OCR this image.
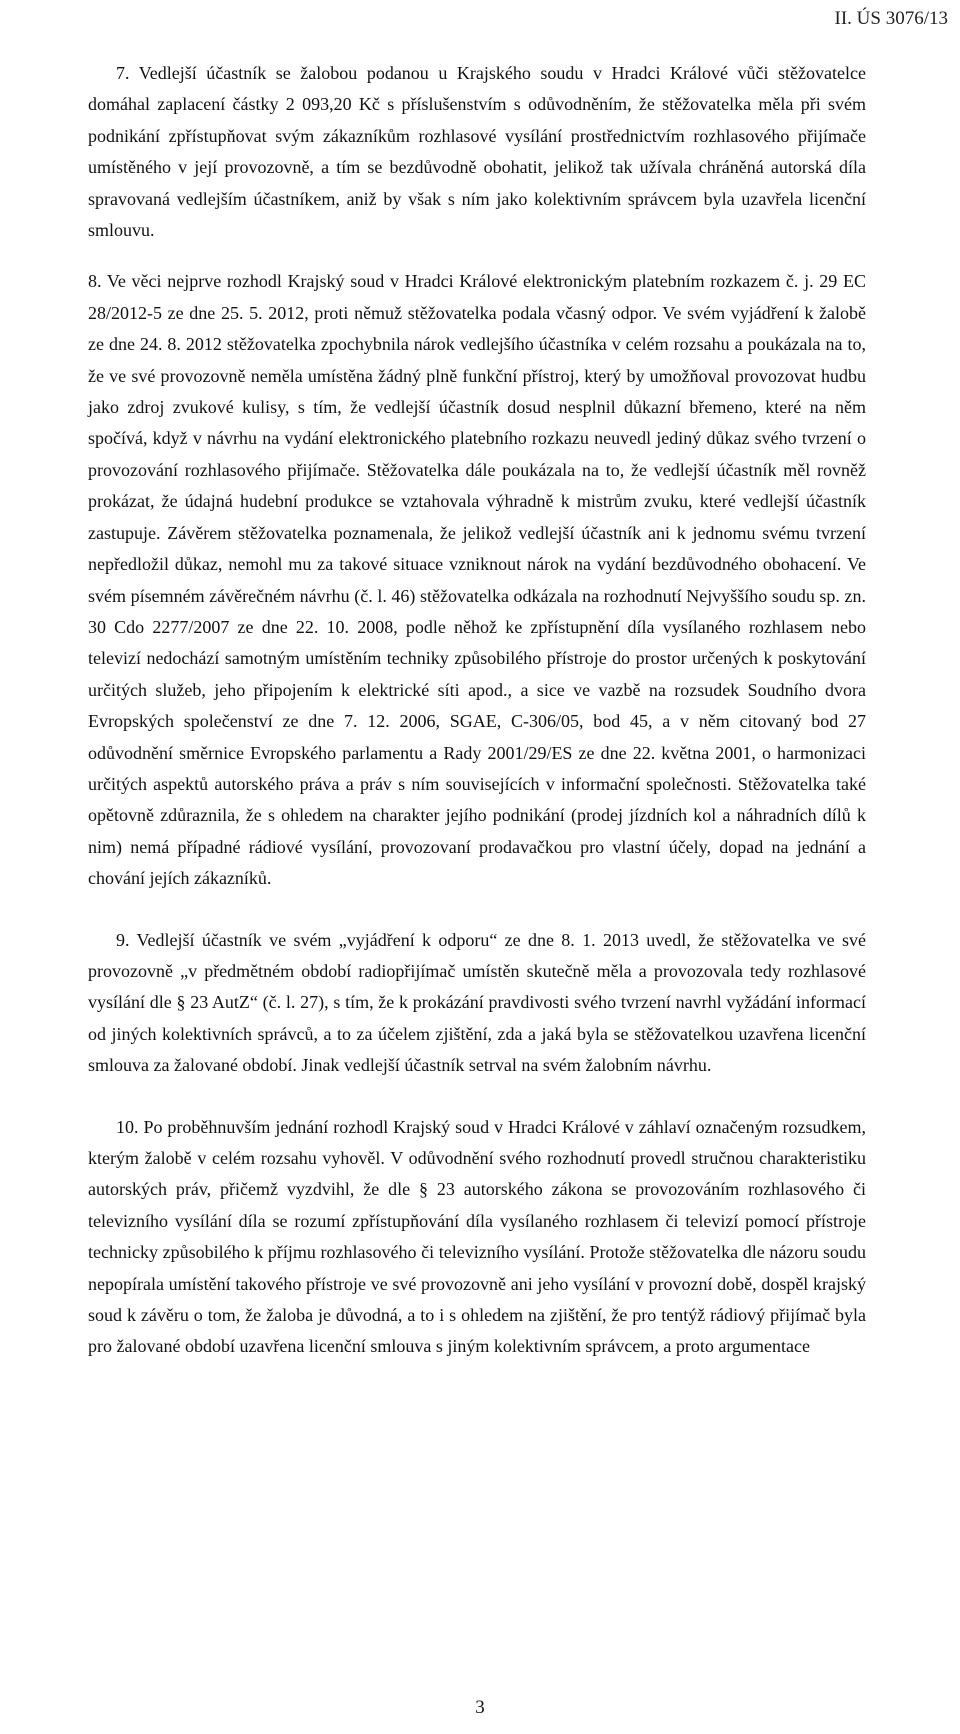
II. ÚS 3076/13

7. Vedlejší účastník se žalobou podanou u Krajského soudu v Hradci Králové vůči stěžovatelce domáhal zaplacení částky 2 093,20 Kč s příslušenstvím s odůvodněním, že stěžovatelka měla při svém podnikání zpřístupňovat svým zákazníkům rozhlasové vysílání prostřednictvím rozhlasového přijímače umístěného v její provozovně, a tím se bezdůvodně obohatit, jelikož tak užívala chráněná autorská díla spravovaná vedlejším účastníkem, aniž by však s ním jako kolektivním správcem byla uzavřela licenční smlouvu.

8. Ve věci nejprve rozhodl Krajský soud v Hradci Králové elektronickým platebním rozkazem č. j. 29 EC 28/2012-5 ze dne 25. 5. 2012, proti němuž stěžovatelka podala včasný odpor. Ve svém vyjádření k žalobě ze dne 24. 8. 2012 stěžovatelka zpochybnila nárok vedlejšího účastníka v celém rozsahu a poukázala na to, že ve své provozovně neměla umístěna žádný plně funkční přístroj, který by umožňoval provozovat hudbu jako zdroj zvukové kulisy, s tím, že vedlejší účastník dosud nesplnil důkazní břemeno, které na něm spočívá, když v návrhu na vydání elektronického platebního rozkazu neuvedl jediný důkaz svého tvrzení o provozování rozhlasového přijímače. Stěžovatelka dále poukázala na to, že vedlejší účastník měl rovněž prokázat, že údajná hudební produkce se vztahovala výhradně k mistrům zvuku, které vedlejší účastník zastupuje. Závěrem stěžovatelka poznamenala, že jelikož vedlejší účastník ani k jednomu svému tvrzení nepředložil důkaz, nemohl mu za takové situace vzniknout nárok na vydání bezdůvodného obohacení. Ve svém písemném závěrečném návrhu (č. l. 46) stěžovatelka odkázala na rozhodnutí Nejvyššího soudu sp. zn. 30 Cdo 2277/2007 ze dne 22. 10. 2008, podle něhož ke zpřístupnění díla vysílaného rozhlasem nebo televizí nedochází samotným umístěním techniky způsobilého přístroje do prostor určených k poskytování určitých služeb, jeho připojením k elektrické síti apod., a sice ve vazbě na rozsudek Soudního dvora Evropských společenství ze dne 7. 12. 2006, SGAE, C-306/05, bod 45, a v něm citovaný bod 27 odůvodnění směrnice Evropského parlamentu a Rady 2001/29/ES ze dne 22. května 2001, o harmonizaci určitých aspektů autorského práva a práv s ním souvisejících v informační společnosti. Stěžovatelka také opětovně zdůraznila, že s ohledem na charakter jejího podnikání (prodej jízdních kol a náhradních dílů k nim) nemá případné rádiové vysílání, provozovaní prodavačkou pro vlastní účely, dopad na jednání a chování jejích zákazníků.

9. Vedlejší účastník ve svém „vyjádření k odporu“ ze dne 8. 1. 2013 uvedl, že stěžovatelka ve své provozovně „v předmětném období radiopřijímač umístěn skutečně měla a provozovala tedy rozhlasové vysílání dle § 23 AutZ“ (č. l. 27), s tím, že k prokázání pravdivosti svého tvrzení navrhl vyžádání informací od jiných kolektivních správců, a to za účelem zjištění, zda a jaká byla se stěžovatelkou uzavřena licenční smlouva za žalované období. Jinak vedlejší účastník setrval na svém žalobním návrhu.

10. Po proběhnuvším jednání rozhodl Krajský soud v Hradci Králové v záhlaví označeným rozsudkem, kterým žalobě v celém rozsahu vyhověl. V odůvodnění svého rozhodnutí provedl stručnou charakteristiku autorských práv, přičemž vyzdvihl, že dle § 23 autorského zákona se provozováním rozhlasového či televizního vysílání díla se rozumí zpřístupňování díla vysílaného rozhlasem či televizí pomocí přístroje technicky způsobilého k příjmu rozhlasového či televizního vysílání. Protože stěžovatelka dle názoru soudu nepopírala umístění takového přístroje ve své provozovně ani jeho vysílání v provozní době, dospěl krajský soud k závěru o tom, že žaloba je důvodná, a to i s ohledem na zjištění, že pro tentýž rádiový přijímač byla pro žalované období uzavřena licenční smlouva s jiným kolektivním správcem, a proto argumentace

3
